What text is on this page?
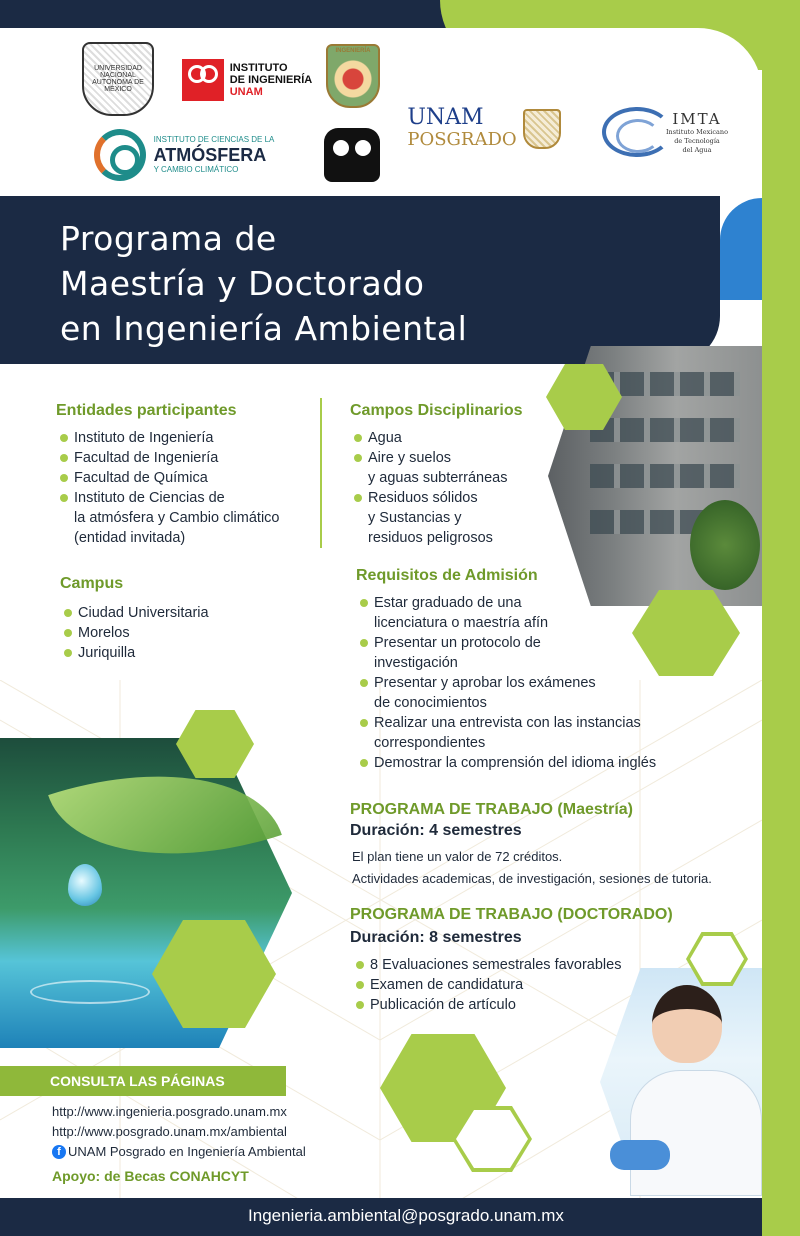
UNIVERSIDAD NACIONAL AUTÓNOMA DE MÉXICO
INSTITUTO
DE INGENIERÍA
UNAM
INGENIERÍA
INSTITUTO DE CIENCIAS DE LA
ATMÓSFERA
Y CAMBIO CLIMÁTICO
UNAM
POSGRADO
IMTA
Instituto Mexicano
de Tecnología
del Agua
Programa de
Maestría y Doctorado
en Ingeniería Ambiental
Entidades participantes
Instituto de Ingeniería
Facultad de Ingeniería
Facultad de Química
Instituto de Ciencias de
la atmósfera y Cambio climático
(entidad invitada)
Campus
Ciudad Universitaria
Morelos
Juriquilla
Campos Disciplinarios
Agua
Aire y suelos
y aguas subterráneas
Residuos sólidos
y Sustancias y
residuos peligrosos
Requisitos de Admisión
Estar graduado de una
licenciatura o maestría afín
Presentar un protocolo de
investigación
Presentar y aprobar los exámenes
de conocimientos
Realizar una entrevista con las instancias
correspondientes
Demostrar la comprensión del idioma inglés
PROGRAMA DE TRABAJO (Maestría)
Duración: 4 semestres
El plan tiene un valor de 72 créditos.
Actividades academicas, de investigación, sesiones de tutoria.
PROGRAMA DE TRABAJO (DOCTORADO)
Duración: 8 semestres
8 Evaluaciones semestrales favorables
Examen de candidatura
Publicación de artículo
CONSULTA LAS PÁGINAS
http://www.ingenieria.posgrado.unam.mx
http://www.posgrado.unam.mx/ambiental
f UNAM Posgrado en Ingeniería Ambiental
Apoyo: de Becas CONAHCYT
Ingenieria.ambiental@posgrado.unam.mx
